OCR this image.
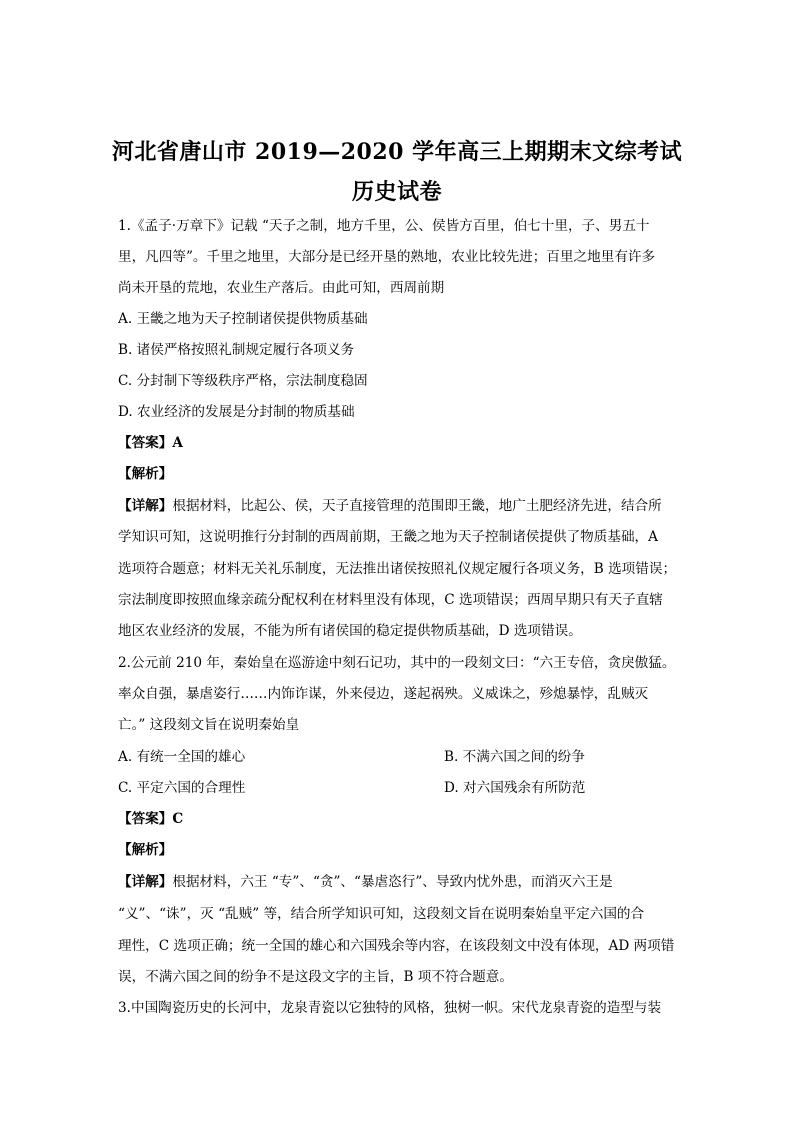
河北省唐山市 2019—2020 学年高三上期期末文综考试
历史试卷
1.《孟子·万章下》记载 “天子之制，地方千里，公、侯皆方百里，伯七十里，子、男五十
里，凡四等”。千里之地里，大部分是已经开垦的熟地，农业比较先进；百里之地里有许多
尚未开垦的荒地，农业生产落后。由此可知，西周前期
A. 王畿之地为天子控制诸侯提供物质基础
B. 诸侯严格按照礼制规定履行各项义务
C. 分封制下等级秩序严格，宗法制度稳固
D. 农业经济的发展是分封制的物质基础
【答案】A
【解析】
【详解】根据材料，比起公、侯，天子直接管理的范围即王畿，地广土肥经济先进，结合所
学知识可知，这说明推行分封制的西周前期，王畿之地为天子控制诸侯提供了物质基础，A
选项符合题意；材料无关礼乐制度，无法推出诸侯按照礼仪规定履行各项义务，B 选项错误；
宗法制度即按照血缘亲疏分配权利在材料里没有体现，C 选项错误；西周早期只有天子直辖
地区农业经济的发展，不能为所有诸侯国的稳定提供物质基础，D 选项错误。
2.公元前 210 年，秦始皇在巡游途中刻石记功，其中的一段刻文曰：“六王专倍，贪戾傲猛。
率众自强，暴虐姿行……内饰诈谋，外来侵边，遂起祸殃。义威诛之，殄熄暴悖，乱贼灭
亡。” 这段刻文旨在说明秦始皇
A. 有统一全国的雄心	B. 不满六国之间的纷争
C. 平定六国的合理性	D. 对六国残余有所防范
【答案】C
【解析】
【详解】根据材料，六王 “专”、“贪”、“暴虐恣行”、导致内忧外患，而消灭六王是
“义”、“诛”，灭 “乱贼” 等，结合所学知识可知，这段刻文旨在说明秦始皇平定六国的合
理性，C 选项正确；统一全国的雄心和六国残余等内容，在该段刻文中没有体现，AD 两项错
误，不满六国之间的纷争不是这段文字的主旨，B 项不符合题意。
3.中国陶瓷历史的长河中，龙泉青瓷以它独特的风格，独树一帜。宋代龙泉青瓷的造型与装
